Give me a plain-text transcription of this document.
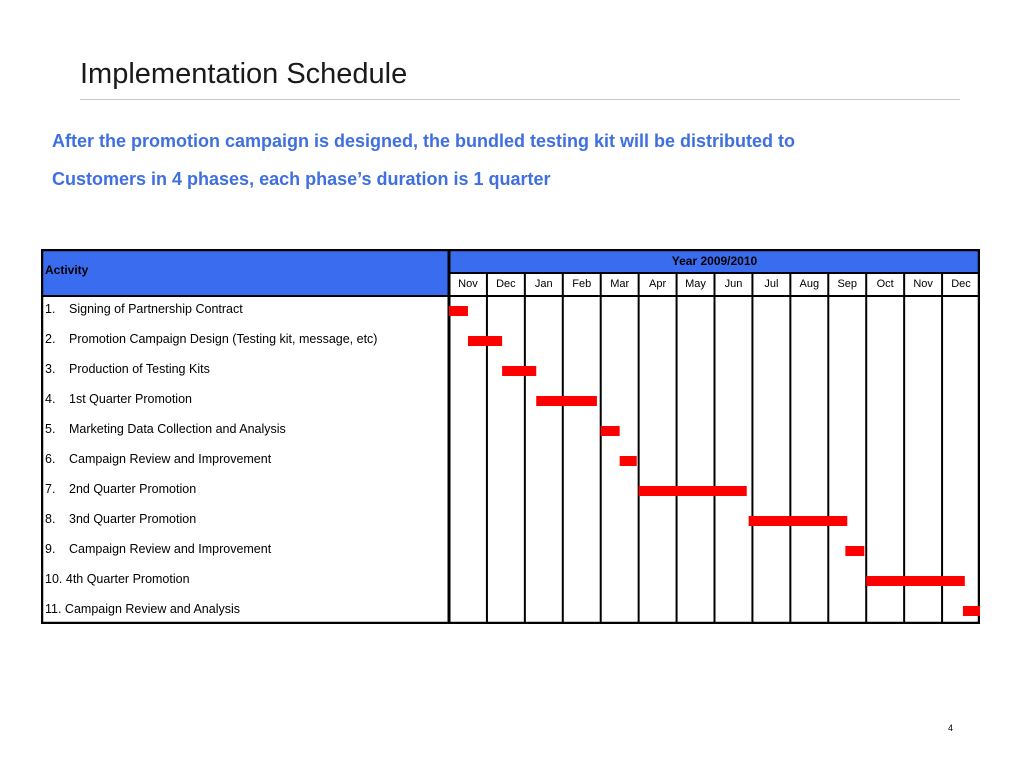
Implementation Schedule
After the promotion campaign is designed, the bundled testing kit will be distributed to
Customers in 4 phases, each phase’s duration is 1 quarter
Activity
Year 2009/2010
Nov	Dec	Jan	Feb	Mar	Apr	May	Jun	Jul	Aug	Sep	Oct	Nov	Dec
1. Signing of Partnership Contract
2. Promotion Campaign Design (Testing kit, message, etc)
3. Production of Testing Kits
4. 1st Quarter Promotion
5. Marketing Data Collection and Analysis
6. Campaign Review and Improvement
7. 2nd Quarter Promotion
8. 3nd Quarter Promotion
9. Campaign Review and Improvement
10. 4th Quarter Promotion
11. Campaign Review and Analysis
4
